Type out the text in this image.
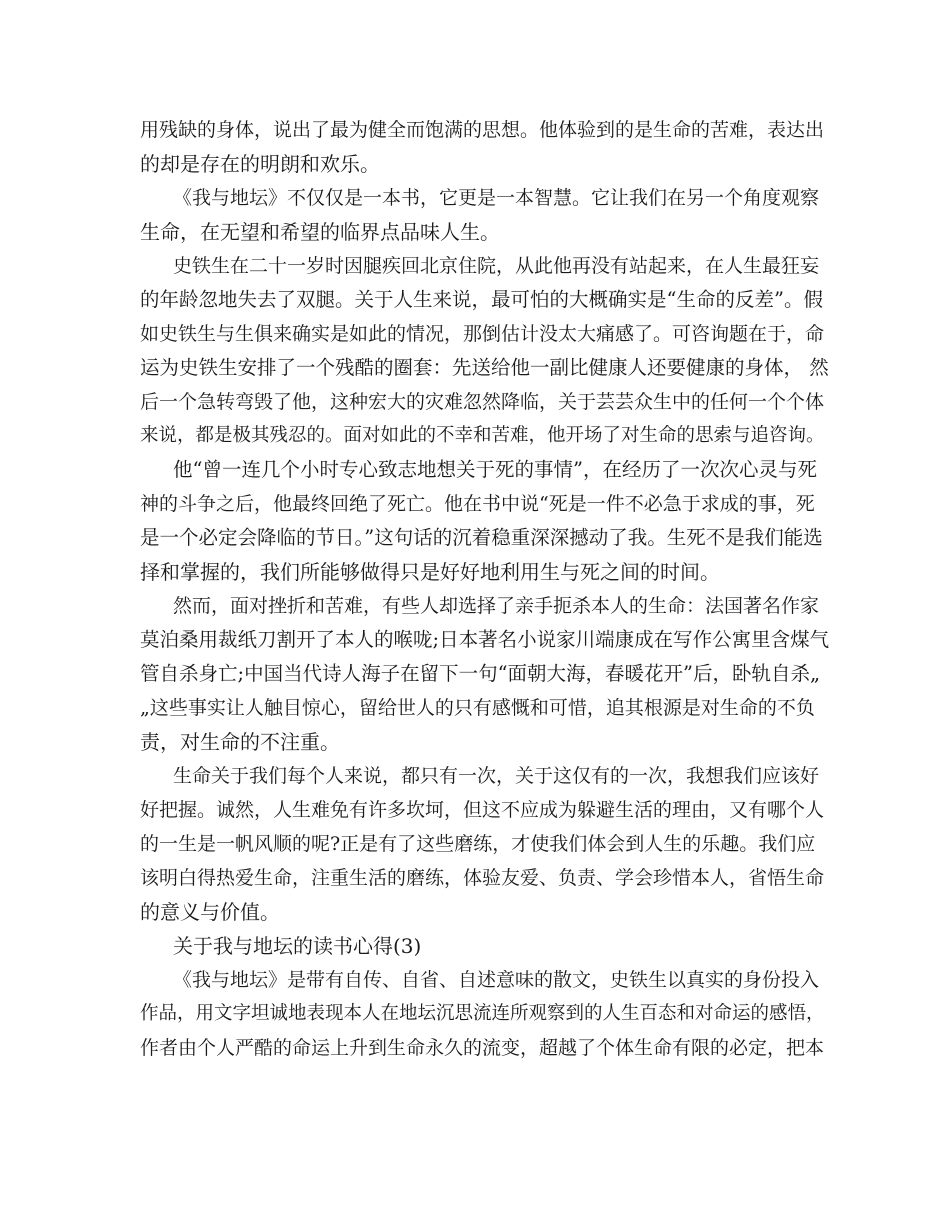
用残缺的身体，说出了最为健全而饱满的思想。他体验到的是生命的苦难，表达出
的却是存在的明朗和欢乐。
《我与地坛》不仅仅是一本书，它更是一本智慧。它让我们在另一个角度观察
生命，在无望和希望的临界点品味人生。
史铁生在二十一岁时因腿疾回北京住院，从此他再没有站起来，在人生最狂妄
的年龄忽地失去了双腿。关于人生来说，最可怕的大概确实是“生命的反差”。假
如史铁生与生俱来确实是如此的情况，那倒估计没太大痛感了。可咨询题在于，命
运为史铁生安排了一个残酷的圈套：先送给他一副比健康人还要健康的身体， 然
后一个急转弯毁了他，这种宏大的灾难忽然降临，关于芸芸众生中的任何一个个体
来说，都是极其残忍的。面对如此的不幸和苦难，他开场了对生命的思索与追咨询。
他“曾一连几个小时专心致志地想关于死的事情”，在经历了一次次心灵与死
神的斗争之后，他最终回绝了死亡。他在书中说“死是一件不必急于求成的事，死
是一个必定会降临的节日。”这句话的沉着稳重深深撼动了我。生死不是我们能选
择和掌握的，我们所能够做得只是好好地利用生与死之间的时间。
然而，面对挫折和苦难，有些人却选择了亲手扼杀本人的生命：法国著名作家
莫泊桑用裁纸刀割开了本人的喉咙;日本著名小说家川端康成在写作公寓里含煤气
管自杀身亡;中国当代诗人海子在留下一句“面朝大海，春暖花开”后，卧轨自杀„
„这些事实让人触目惊心，留给世人的只有感慨和可惜，追其根源是对生命的不负
责，对生命的不注重。
生命关于我们每个人来说，都只有一次，关于这仅有的一次，我想我们应该好
好把握。诚然，人生难免有许多坎坷，但这不应成为躲避生活的理由，又有哪个人
的一生是一帆风顺的呢?正是有了这些磨练，才使我们体会到人生的乐趣。我们应
该明白得热爱生命，注重生活的磨练，体验友爱、负责、学会珍惜本人，省悟生命
的意义与价值。
关于我与地坛的读书心得(3)
《我与地坛》是带有自传、自省、自述意味的散文，史铁生以真实的身份投入
作品，用文字坦诚地表现本人在地坛沉思流连所观察到的人生百态和对命运的感悟，
作者由个人严酷的命运上升到生命永久的流变，超越了个体生命有限的必定，把本
